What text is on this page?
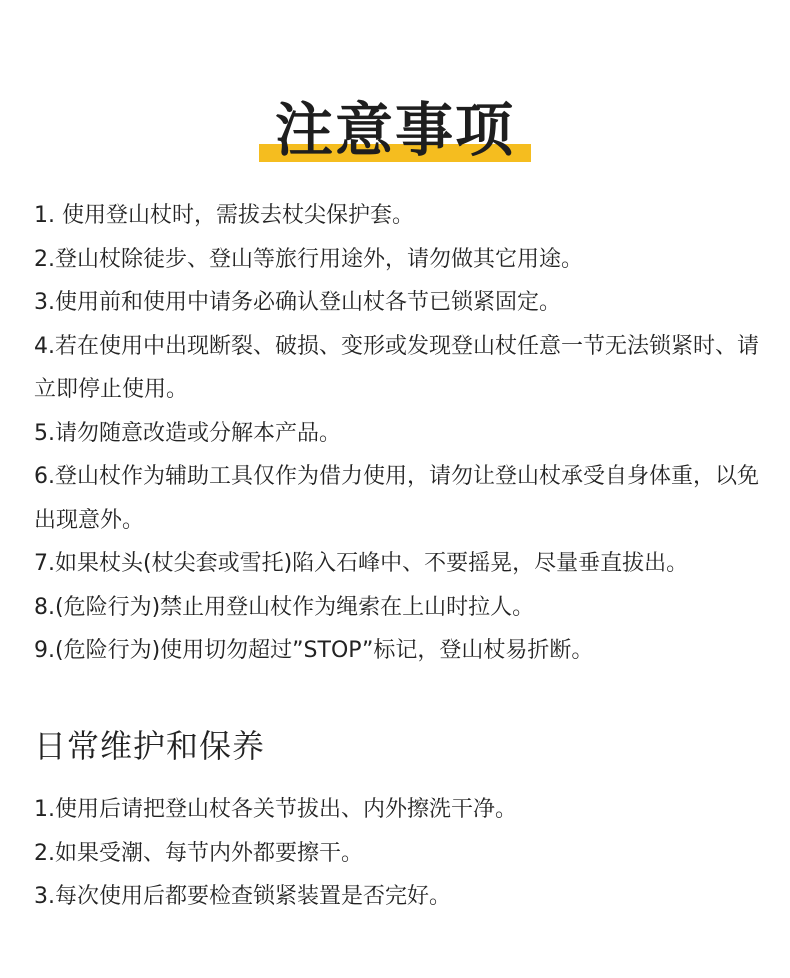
注意事项
1. 使用登山杖时，需拔去杖尖保护套。
2.登山杖除徒步、登山等旅行用途外，请勿做其它用途。
3.使用前和使用中请务必确认登山杖各节已锁紧固定。
4.若在使用中出现断裂、破损、变形或发现登山杖任意一节无法锁紧时、请立即停止使用。
5.请勿随意改造或分解本产品。
6.登山杖作为辅助工具仅作为借力使用，请勿让登山杖承受自身体重，以免出现意外。
7.如果杖头(杖尖套或雪托)陷入石峰中、不要摇晃，尽量垂直拔出。
8.(危险行为)禁止用登山杖作为绳索在上山时拉人。
9.(危险行为)使用切勿超过”STOP”标记，登山杖易折断。
日常维护和保养
1.使用后请把登山杖各关节拔出、内外擦洗干净。
2.如果受潮、每节内外都要擦干。
3.每次使用后都要检查锁紧装置是否完好。
